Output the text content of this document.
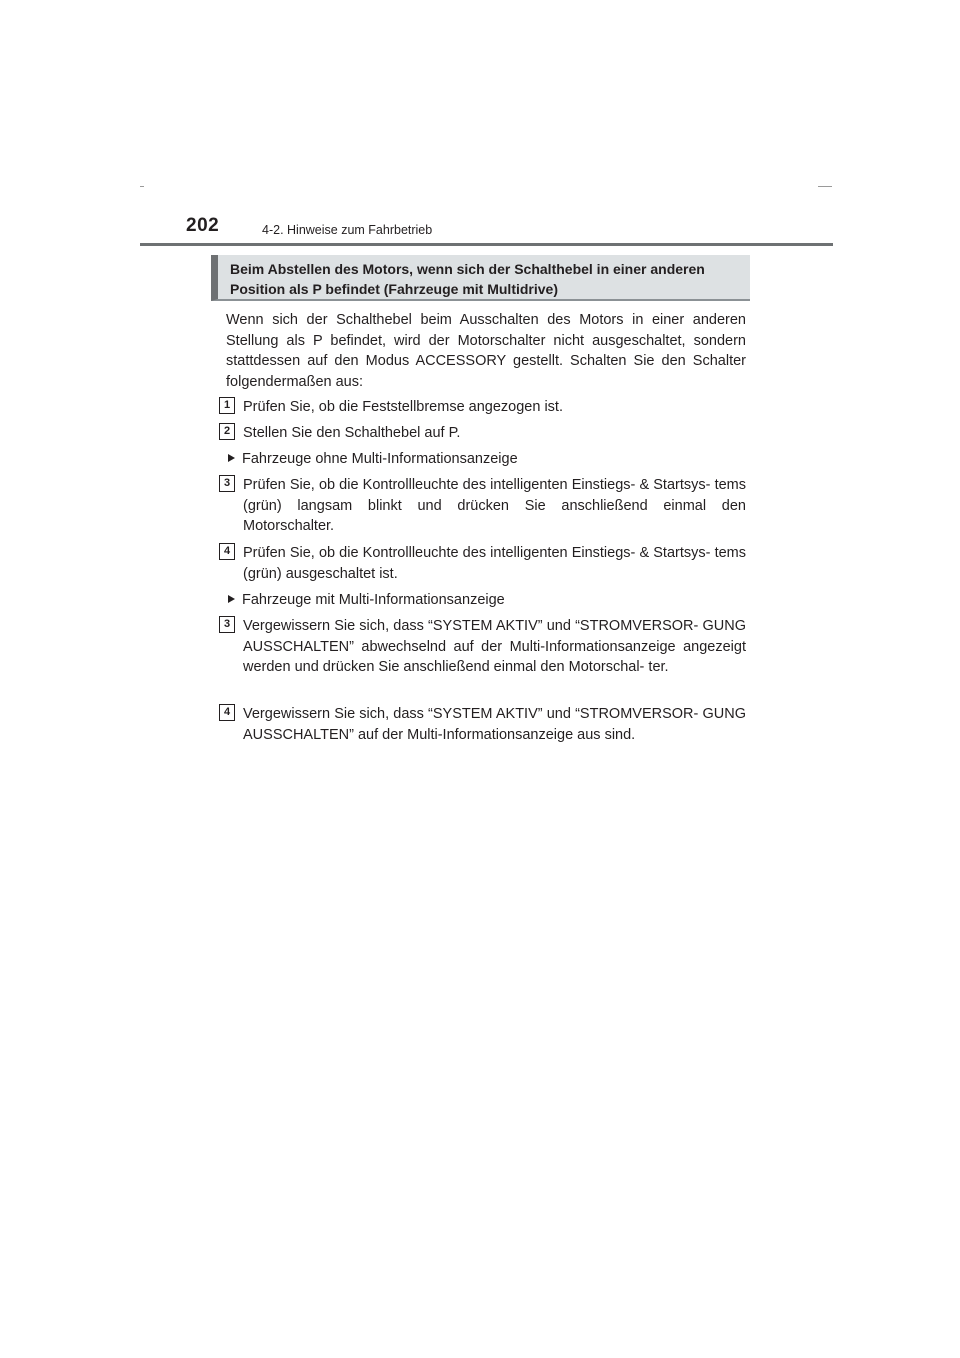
202	4-2. Hinweise zum Fahrbetrieb
Beim Abstellen des Motors, wenn sich der Schalthebel in einer anderen Position als P befindet (Fahrzeuge mit Multidrive)
Wenn sich der Schalthebel beim Ausschalten des Motors in einer anderen Stellung als P befindet, wird der Motorschalter nicht ausgeschaltet, sondern stattdessen auf den Modus ACCESSORY gestellt. Schalten Sie den Schalter folgendermaßen aus:
1 Prüfen Sie, ob die Feststellbremse angezogen ist.
2 Stellen Sie den Schalthebel auf P.
Fahrzeuge ohne Multi-Informationsanzeige
3 Prüfen Sie, ob die Kontrollleuchte des intelligenten Einstiegs- & Startsys- tems (grün) langsam blinkt und drücken Sie anschließend einmal den Motorschalter.
4 Prüfen Sie, ob die Kontrollleuchte des intelligenten Einstiegs- & Startsys- tems (grün) ausgeschaltet ist.
Fahrzeuge mit Multi-Informationsanzeige
3 Vergewissern Sie sich, dass “SYSTEM AKTIV” und “STROMVERSOR- GUNG AUSSCHALTEN” abwechselnd auf der Multi-Informationsanzeige angezeigt werden und drücken Sie anschließend einmal den Motorschal- ter.
4 Vergewissern Sie sich, dass “SYSTEM AKTIV” und “STROMVERSOR- GUNG AUSSCHALTEN” auf der Multi-Informationsanzeige aus sind.
